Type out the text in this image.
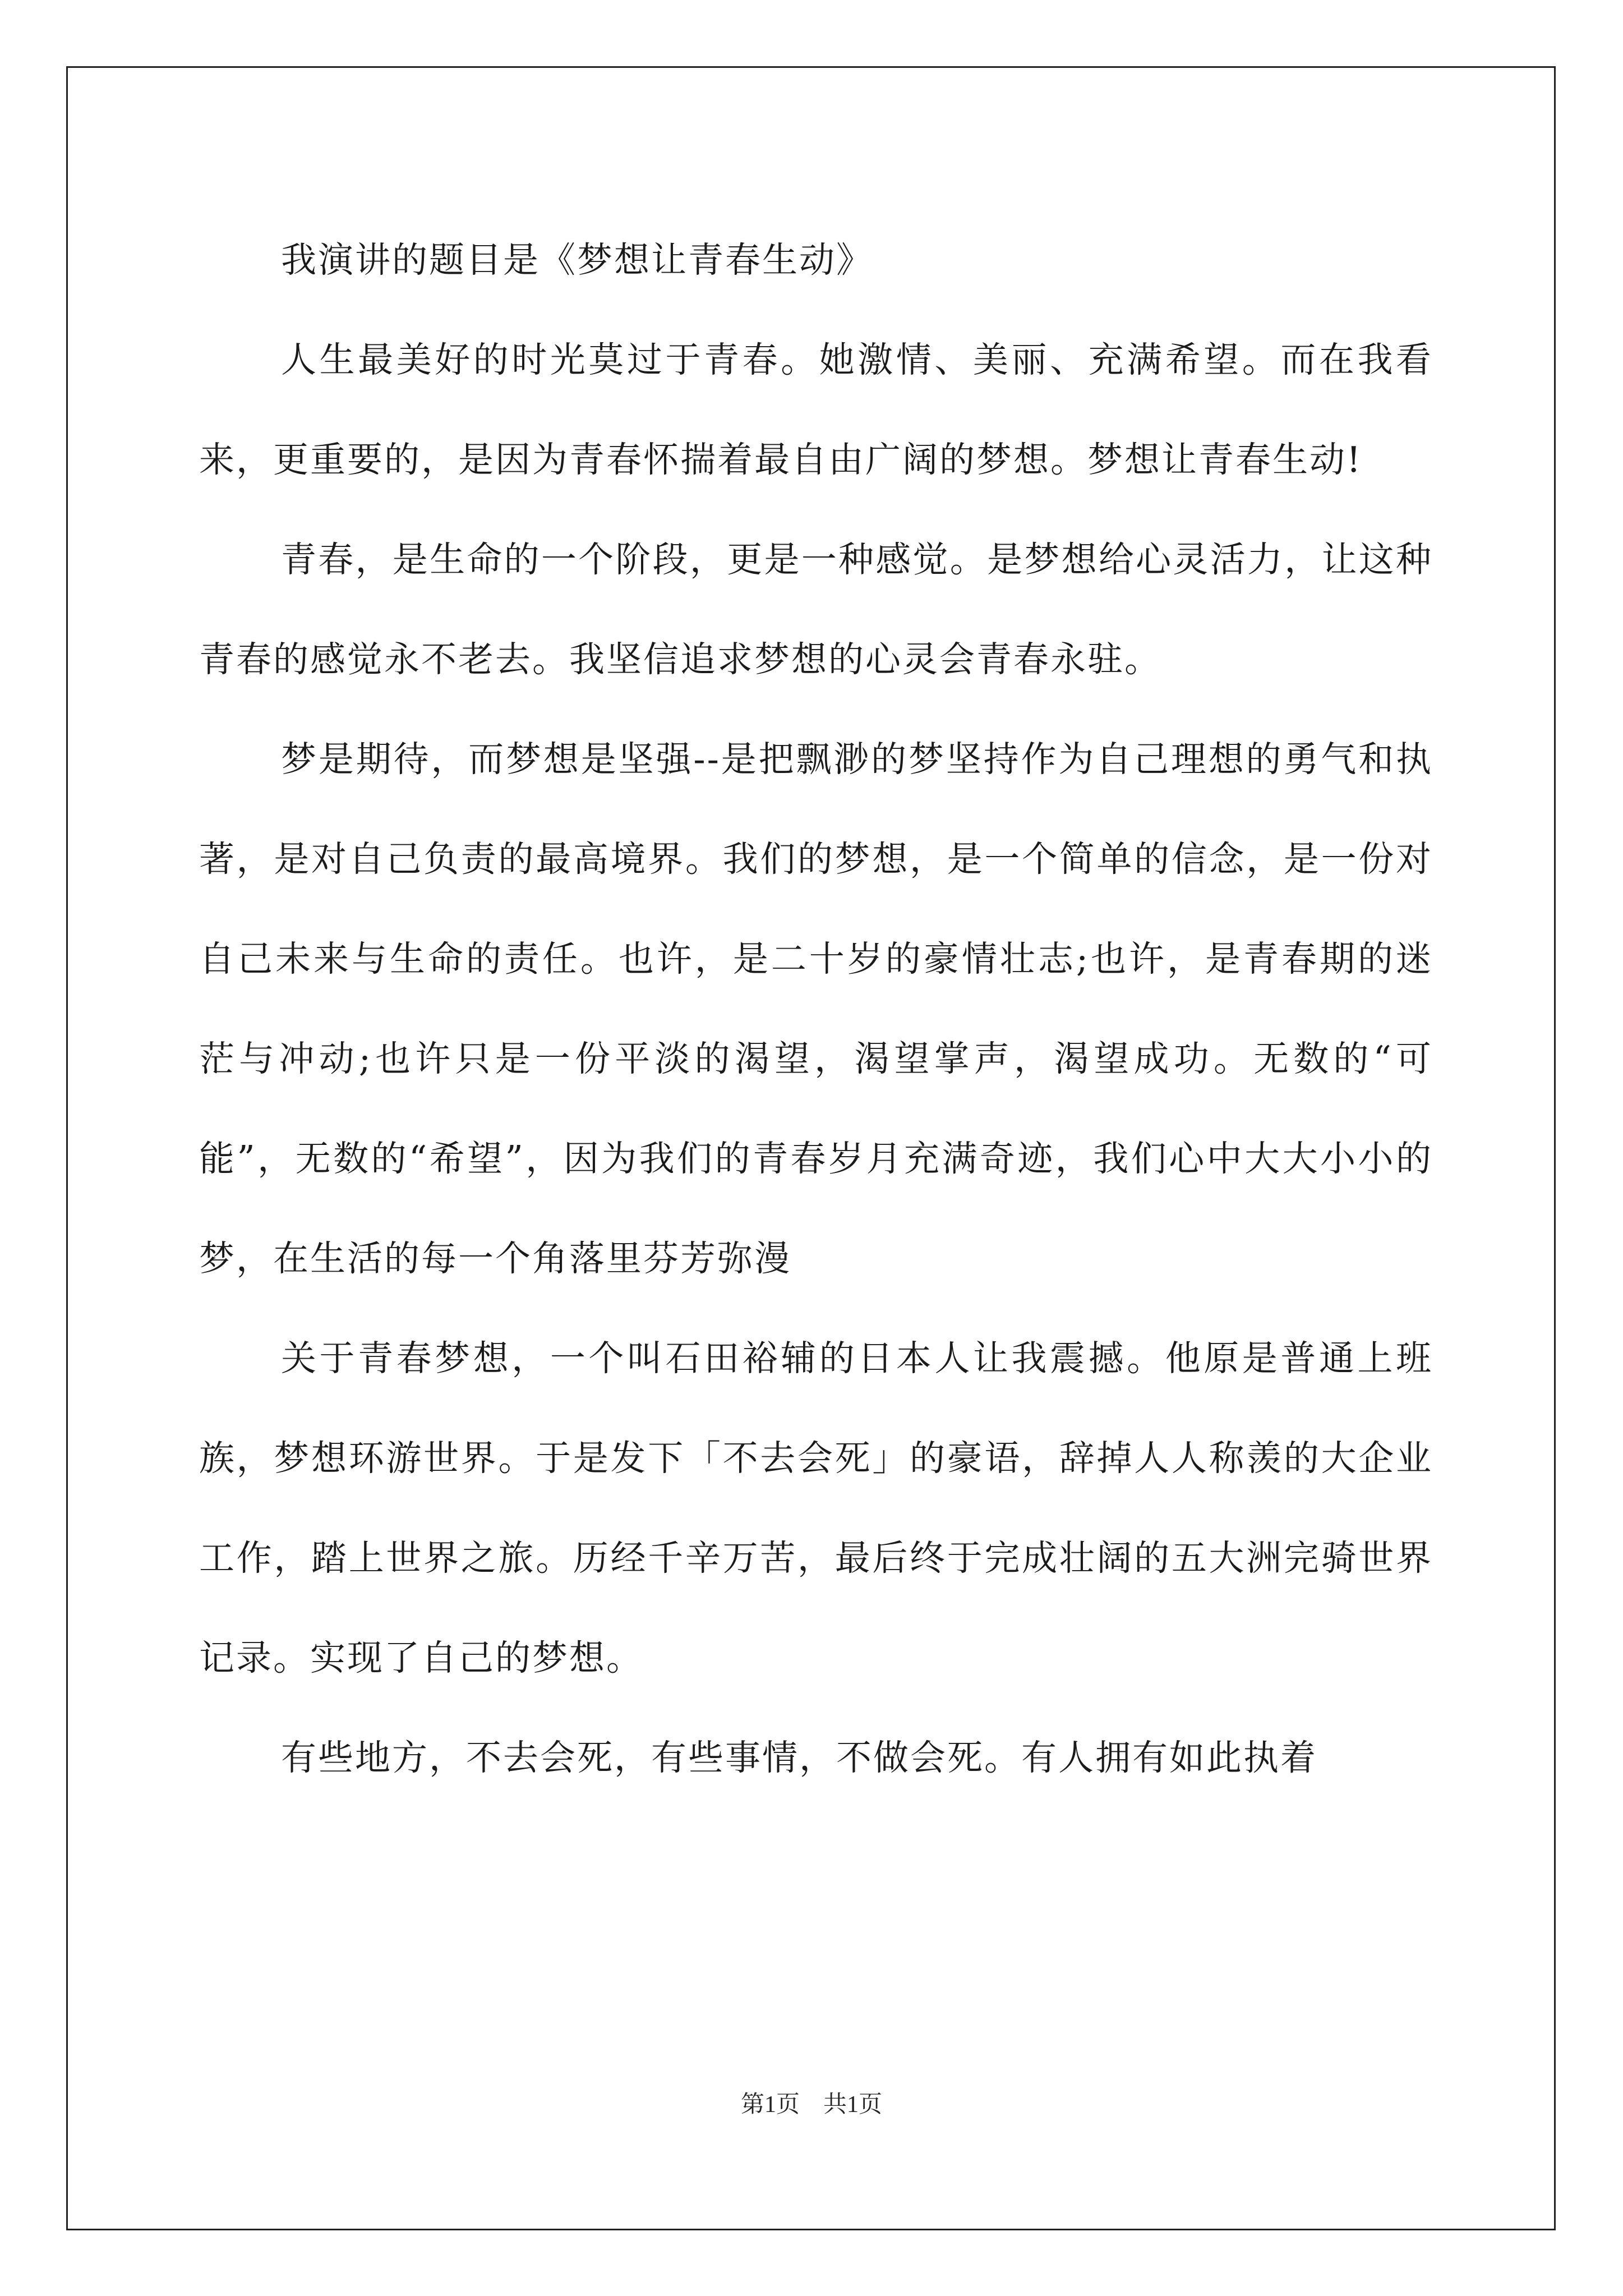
我演讲的题目是《梦想让青春生动》

人生最美好的时光莫过于青春。她激情、美丽、充满希望。而在我看来，更重要的，是因为青春怀揣着最自由广阔的梦想。梦想让青春生动!

青春，是生命的一个阶段，更是一种感觉。是梦想给心灵活力，让这种青春的感觉永不老去。我坚信追求梦想的心灵会青春永驻。

梦是期待，而梦想是坚强--是把飘渺的梦坚持作为自己理想的勇气和执著，是对自己负责的最高境界。我们的梦想，是一个简单的信念，是一份对自己未来与生命的责任。也许，是二十岁的豪情壮志;也许，是青春期的迷茫与冲动;也许只是一份平淡的渴望，渴望掌声，渴望成功。无数的“可能”，无数的“希望”，因为我们的青春岁月充满奇迹，我们心中大大小小的梦，在生活的每一个角落里芬芳弥漫

关于青春梦想，一个叫石田裕辅的日本人让我震撼。他原是普通上班族，梦想环游世界。于是发下「不去会死」的豪语，辞掉人人称羡的大企业工作，踏上世界之旅。历经千辛万苦，最后终于完成壮阔的五大洲完骑世界记录。实现了自己的梦想。

有些地方，不去会死，有些事情，不做会死。有人拥有如此执着

第1页　共1页
